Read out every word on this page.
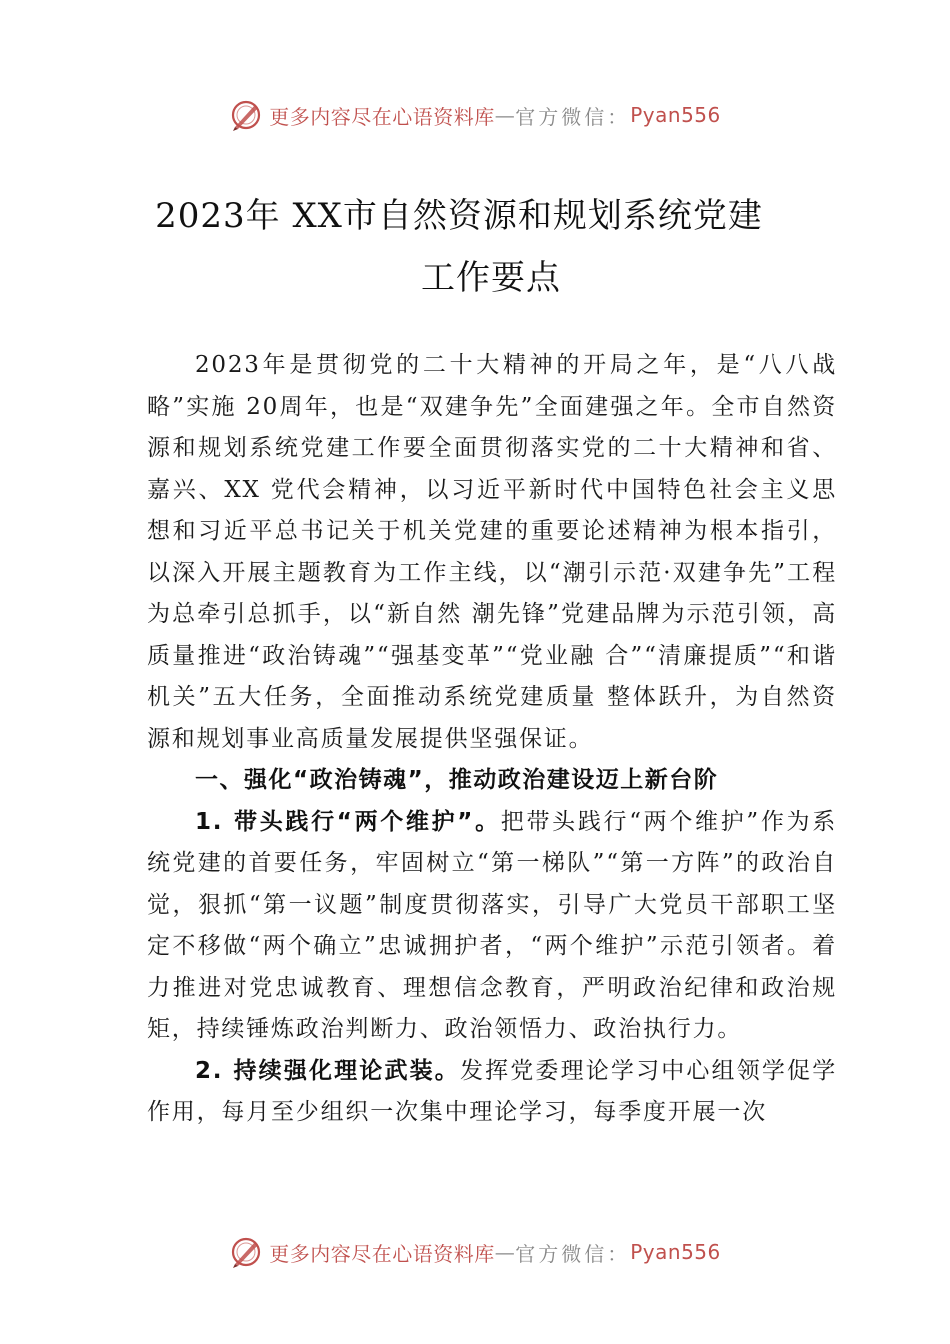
更多内容尽在心语资料库 — 官方微信： Pyan556
2023年 XX市自然资源和规划系统党建
工作要点

2023年是贯彻党的二十大精神的开局之年，是“八八战略”实施 20周年，也是“双建争先”全面建强之年。全市自然资源和规划系统党建工作要全面贯彻落实党的二十大精神和省、嘉兴、XX 党代会精神，以习近平新时代中国特色社会主义思想和习近平总书记关于机关党建的重要论述精神为根本指引，以深入开展主题教育为工作主线，以“潮引示范·双建争先”工程为总牵引总抓手，以“新自然 潮先锋”党建品牌为示范引领，高质量推进“政治铸魂”“强基变革”“党业融 合”“清廉提质”“和谐机关”五大任务，全面推动系统党建质量 整体跃升，为自然资源和规划事业高质量发展提供坚强保证。

一、强化“政治铸魂”，推动政治建设迈上新台阶

1. 带头践行“两个维护”。把带头践行“两个维护”作为系统党建的首要任务，牢固树立“第一梯队”“第一方阵”的政治自觉，狠抓“第一议题”制度贯彻落实，引导广大党员干部职工坚定不移做“两个确立”忠诚拥护者，“两个维护”示范引领者。着力推进对党忠诚教育、理想信念教育，严明政治纪律和政治规矩，持续锤炼政治判断力、政治领悟力、政治执行力。

2. 持续强化理论武装。发挥党委理论学习中心组领学促学作用，每月至少组织一次集中理论学习，每季度开展一次

更多内容尽在心语资料库 — 官方微信： Pyan556
